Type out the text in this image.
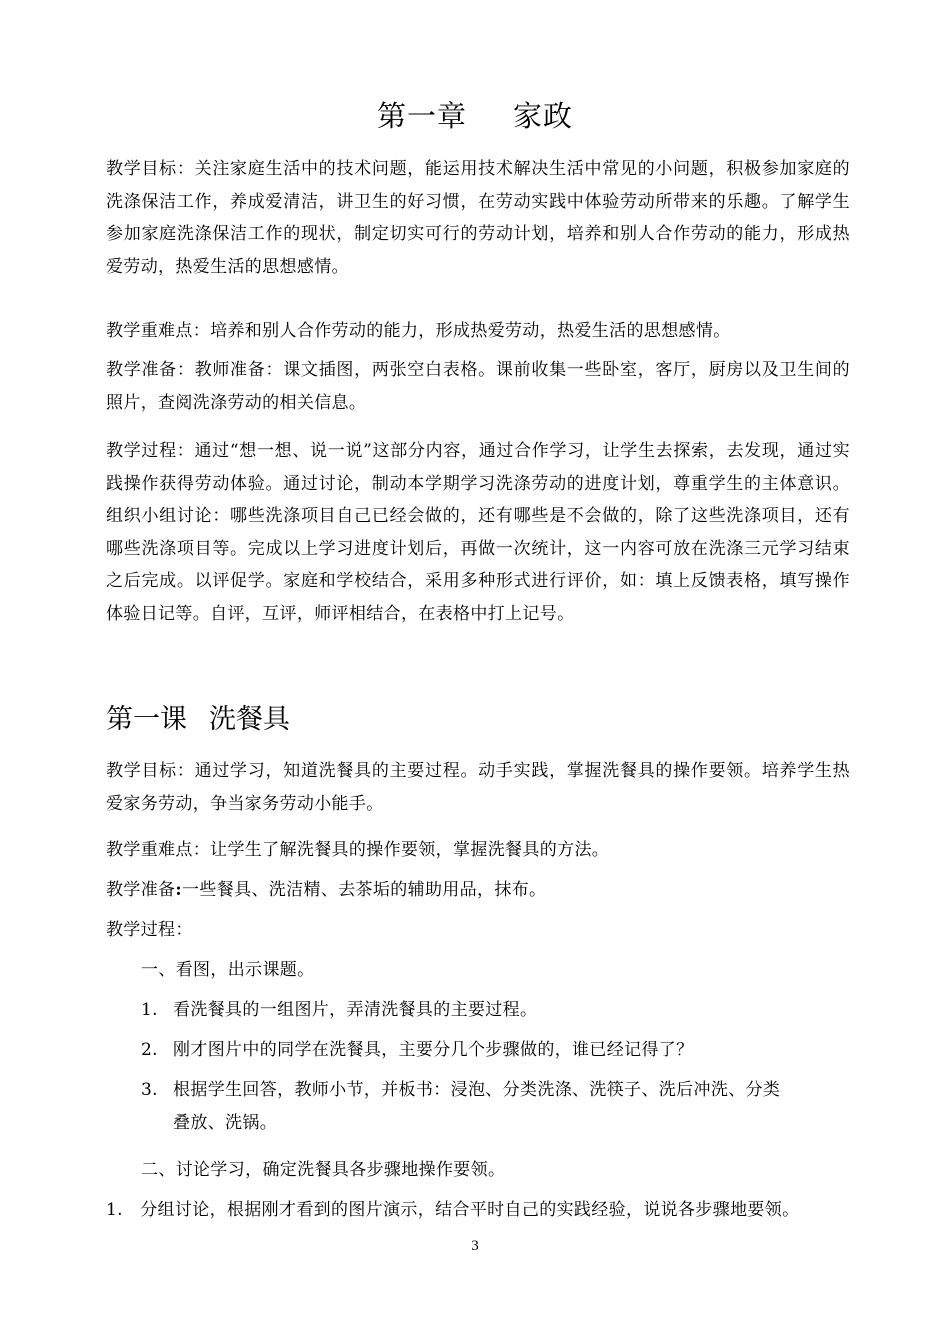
第一章 家政
教学目标：关注家庭生活中的技术问题，能运用技术解决生活中常见的小问题，积极参加家庭的洗涤保洁工作，养成爱清洁，讲卫生的好习惯，在劳动实践中体验劳动所带来的乐趣。了解学生参加家庭洗涤保洁工作的现状，制定切实可行的劳动计划，培养和别人合作劳动的能力，形成热爱劳动，热爱生活的思想感情。
教学重难点：培养和别人合作劳动的能力，形成热爱劳动，热爱生活的思想感情。
教学准备：教师准备：课文插图，两张空白表格。课前收集一些卧室，客厅，厨房以及卫生间的照片，查阅洗涤劳动的相关信息。
教学过程：通过“想一想、说一说”这部分内容，通过合作学习，让学生去探索，去发现，通过实践操作获得劳动体验。通过讨论，制动本学期学习洗涤劳动的进度计划，尊重学生的主体意识。组织小组讨论：哪些洗涤项目自己已经会做的，还有哪些是不会做的，除了这些洗涤项目，还有哪些洗涤项目等。完成以上学习进度计划后，再做一次统计，这一内容可放在洗涤三元学习结束之后完成。以评促学。家庭和学校结合，采用多种形式进行评价，如：填上反馈表格，填写操作体验日记等。自评，互评，师评相结合，在表格中打上记号。
第一课 洗餐具
教学目标：通过学习，知道洗餐具的主要过程。动手实践，掌握洗餐具的操作要领。培养学生热爱家务劳动，争当家务劳动小能手。
教学重难点：让学生了解洗餐具的操作要领，掌握洗餐具的方法。
教学准备:一些餐具、洗洁精、去茶垢的辅助用品，抹布。
教学过程：
一、看图，出示课题。
1. 看洗餐具的一组图片，弄清洗餐具的主要过程。
2. 刚才图片中的同学在洗餐具，主要分几个步骤做的，谁已经记得了？
3. 根据学生回答，教师小节，并板书：浸泡、分类洗涤、洗筷子、洗后冲洗、分类
叠放、洗锅。
二、讨论学习，确定洗餐具各步骤地操作要领。
1. 分组讨论，根据刚才看到的图片演示，结合平时自己的实践经验，说说各步骤地要领。
3
